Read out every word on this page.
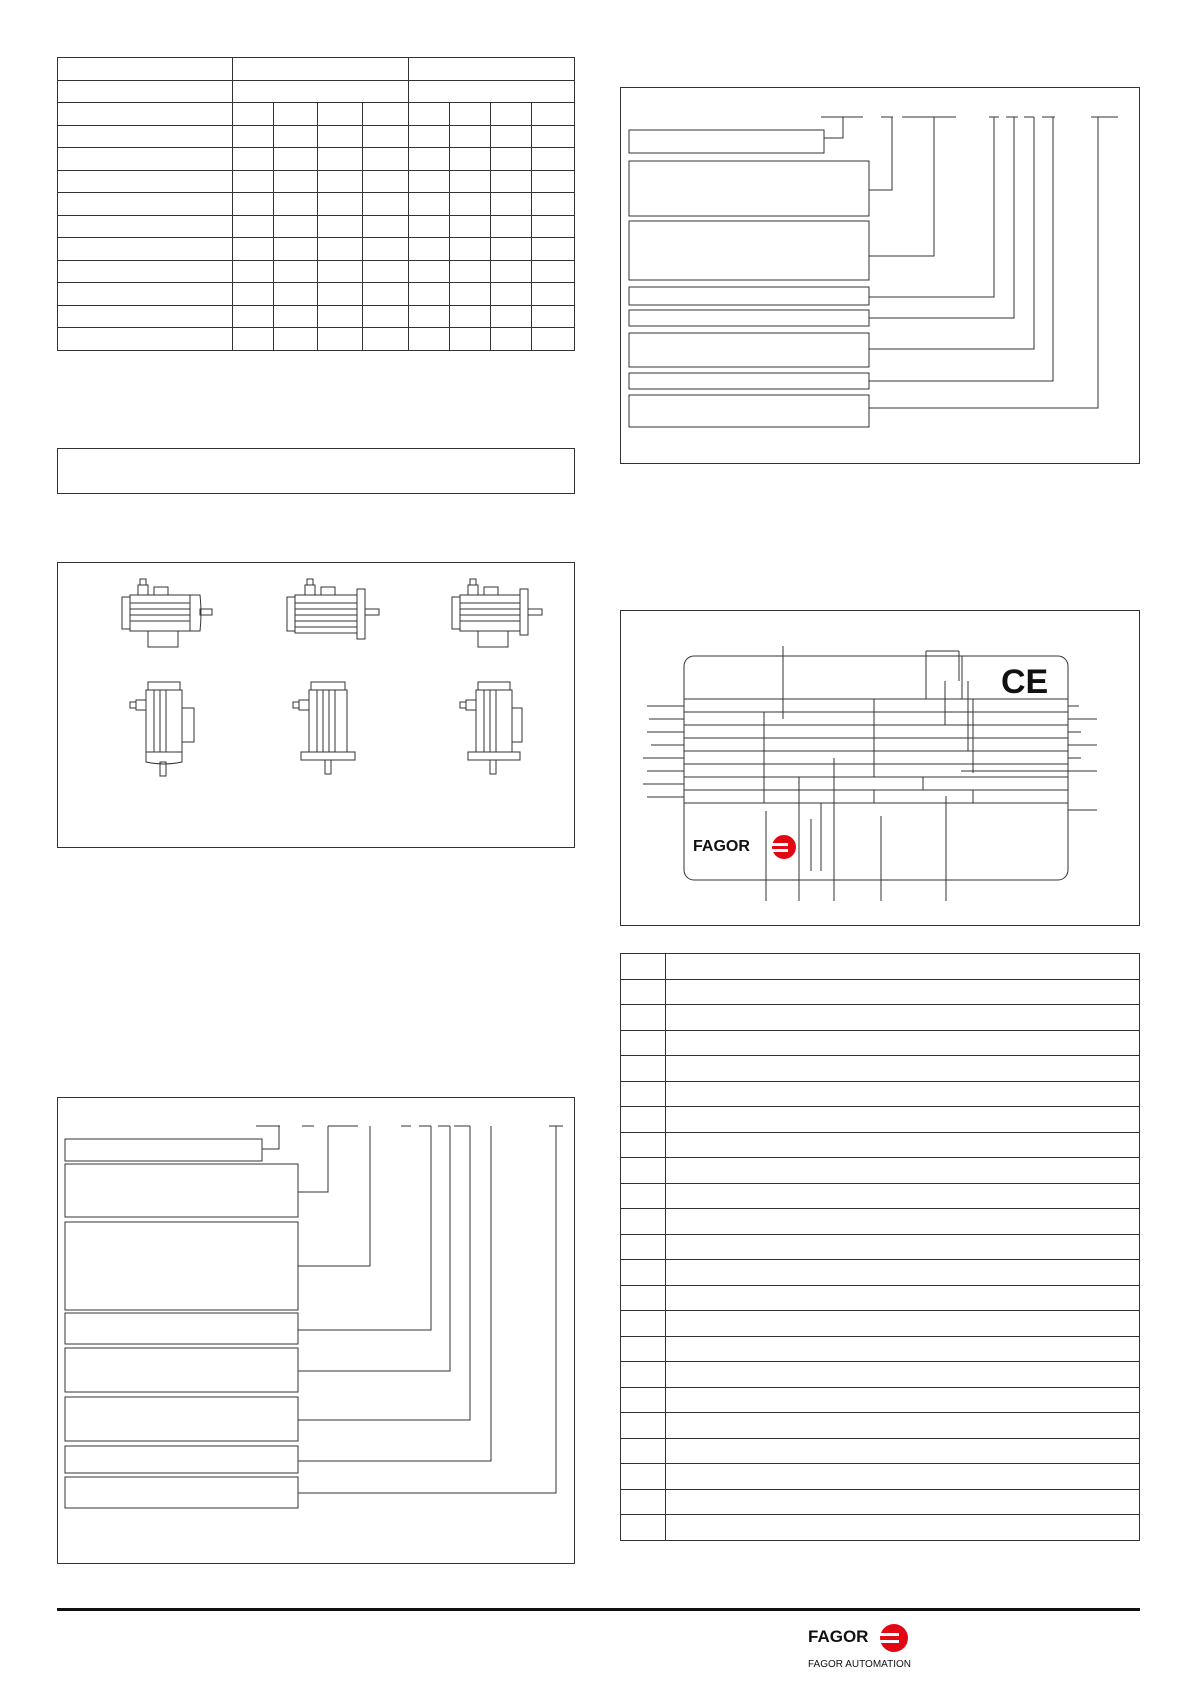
CE
FAGOR

FAGOR
FAGOR AUTOMATION
